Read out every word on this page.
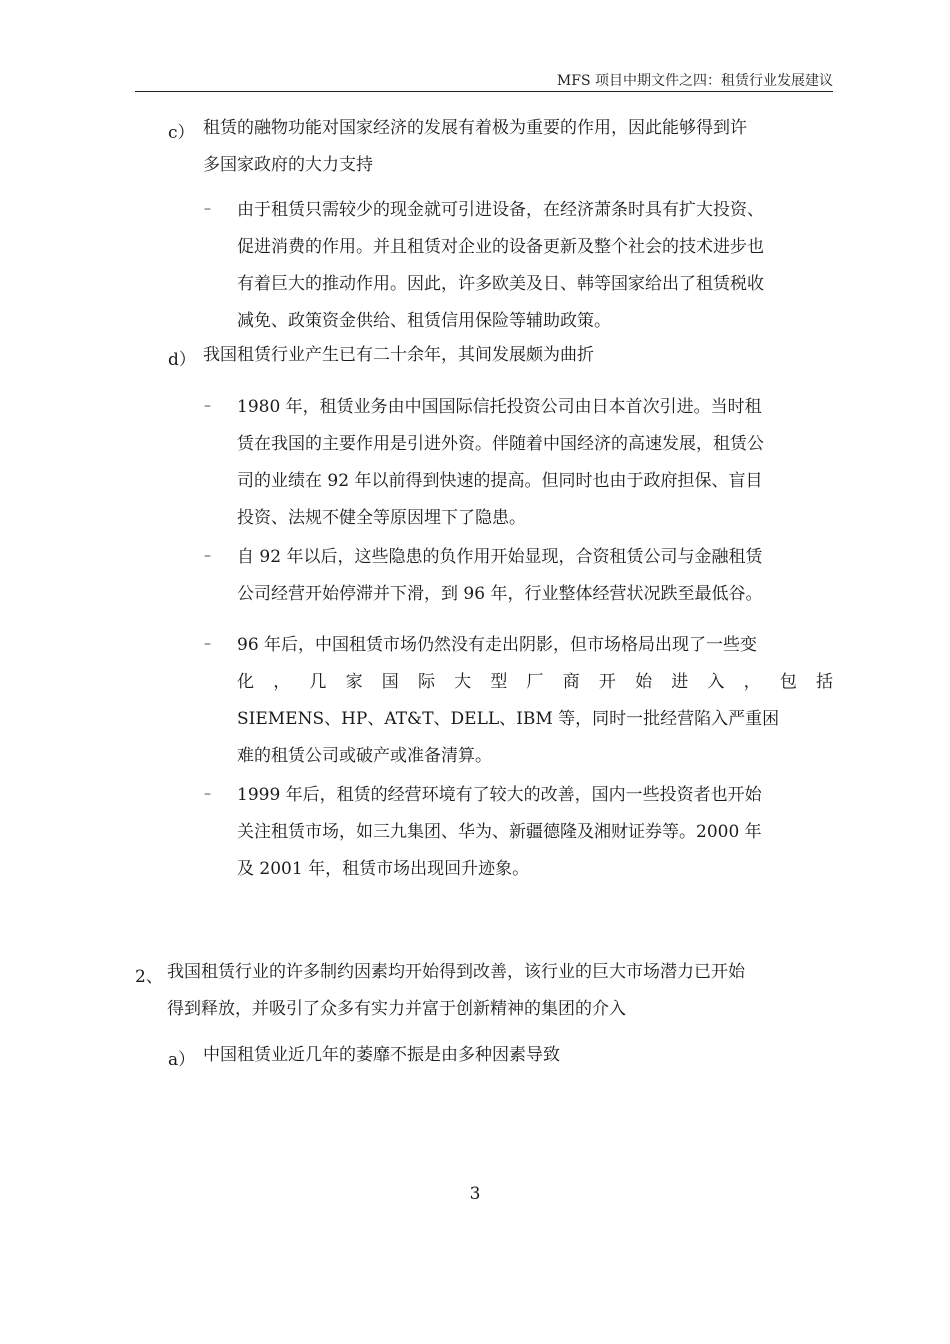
MFS 项目中期文件之四：租赁行业发展建议
c） 租赁的融物功能对国家经济的发展有着极为重要的作用，因此能够得到许
多国家政府的大力支持
– 由于租赁只需较少的现金就可引进设备，在经济萧条时具有扩大投资、
促进消费的作用。并且租赁对企业的设备更新及整个社会的技术进步也
有着巨大的推动作用。因此，许多欧美及日、韩等国家给出了租赁税收
减免、政策资金供给、租赁信用保险等辅助政策。
d） 我国租赁行业产生已有二十余年，其间发展颇为曲折
– 1980 年，租赁业务由中国国际信托投资公司由日本首次引进。当时租
赁在我国的主要作用是引进外资。伴随着中国经济的高速发展，租赁公
司的业绩在 92 年以前得到快速的提高。但同时也由于政府担保、盲目
投资、法规不健全等原因埋下了隐患。
– 自 92 年以后，这些隐患的负作用开始显现，合资租赁公司与金融租赁
公司经营开始停滞并下滑，到 96 年，行业整体经营状况跌至最低谷。
– 96 年后，中国租赁市场仍然没有走出阴影，但市场格局出现了一些变
化 ， 几 家 国 际 大 型 厂 商 开 始 进 入 ， 包 括
SIEMENS、HP、AT&T、DELL、IBM 等，同时一批经营陷入严重困
难的租赁公司或破产或准备清算。
– 1999 年后，租赁的经营环境有了较大的改善，国内一些投资者也开始
关注租赁市场，如三九集团、华为、新疆德隆及湘财证券等。2000 年
及 2001 年，租赁市场出现回升迹象。
2、 我国租赁行业的许多制约因素均开始得到改善，该行业的巨大市场潜力已开始
得到释放，并吸引了众多有实力并富于创新精神的集团的介入
a） 中国租赁业近几年的萎靡不振是由多种因素导致
3
